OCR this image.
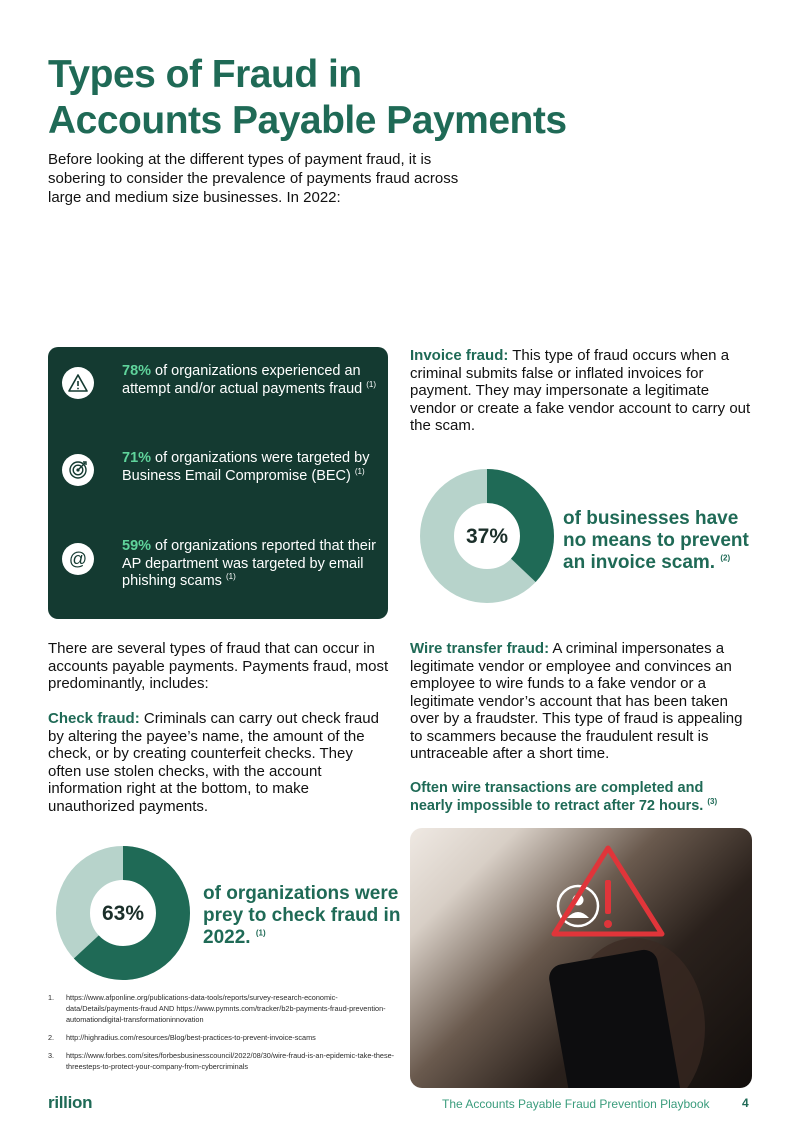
Types of Fraud in
Accounts Payable Payments

Before looking at the different types of payment fraud, it is sobering to consider the prevalence of payments fraud across large and medium size businesses. In 2022:

78% of organizations experienced an attempt and/or actual payments fraud $^{(1)}$

71% of organizations were targeted by Business Email Compromise (BEC) $^{(1)}$

@

59% of organizations reported that their AP department was targeted by email phishing scams $^{(1)}$

Invoice fraud: This type of fraud occurs when a criminal submits false or inflated invoices for payment. They may impersonate a legitimate vendor or create a fake vendor account to carry out the scam.

37%

of businesses have no means to prevent an invoice scam. $^{(2)}$

There are several types of fraud that can occur in accounts payable payments. Payments fraud, most predominantly, includes:

Check fraud: Criminals can carry out check fraud by altering the payee’s name, the amount of the check, or by creating counterfeit checks. They often use stolen checks, with the account information right at the bottom, to make unauthorized payments.

Wire transfer fraud: A criminal impersonates a legitimate vendor or employee and convinces an employee to wire funds to a fake vendor or a legitimate vendor’s account that has been taken over by a fraudster. This type of fraud is appealing to scammers because the fraudulent result is untraceable after a short time.

Often wire transactions are completed and nearly impossible to retract after 72 hours. $^{(3)}$

63%

of organizations were prey to check fraud in 2022. $^{(1)}$

1. https://www.afponline.org/publications-data-tools/reports/survey-research-economic-data/Details/payments-fraud AND https://www.pymnts.com/tracker/b2b-payments-fraud-prevention-automationdigital-transformationinnovation
2. http://highradius.com/resources/Blog/best-practices-to-prevent-invoice-scams
3. https://www.forbes.com/sites/forbesbusinesscouncil/2022/08/30/wire-fraud-is-an-epidemic-take-these-threesteps-to-protect-your-company-from-cybercriminals
rillion	The Accounts Payable Fraud Prevention Playbook	4
